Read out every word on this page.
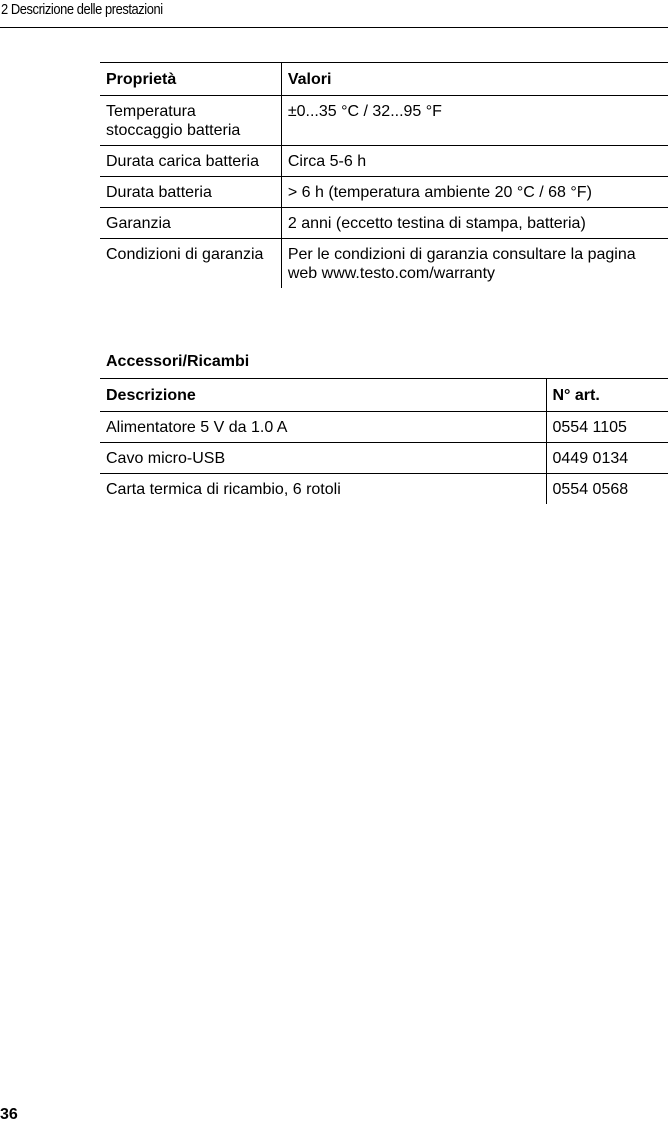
2 Descrizione delle prestazioni
Proprietà	Valori
Temperatura stoccaggio batteria	±0...35 °C / 32...95 °F
Durata carica batteria	Circa 5-6 h
Durata batteria	> 6 h (temperatura ambiente 20 °C / 68 °F)
Garanzia	2 anni (eccetto testina di stampa, batteria)
Condizioni di garanzia	Per le condizioni di garanzia consultare la pagina web www.testo.com/warranty
Accessori/Ricambi
Descrizione	N° art.
Alimentatore 5 V da 1.0 A	0554 1105
Cavo micro-USB	0449 0134
Carta termica di ricambio, 6 rotoli	0554 0568
36
